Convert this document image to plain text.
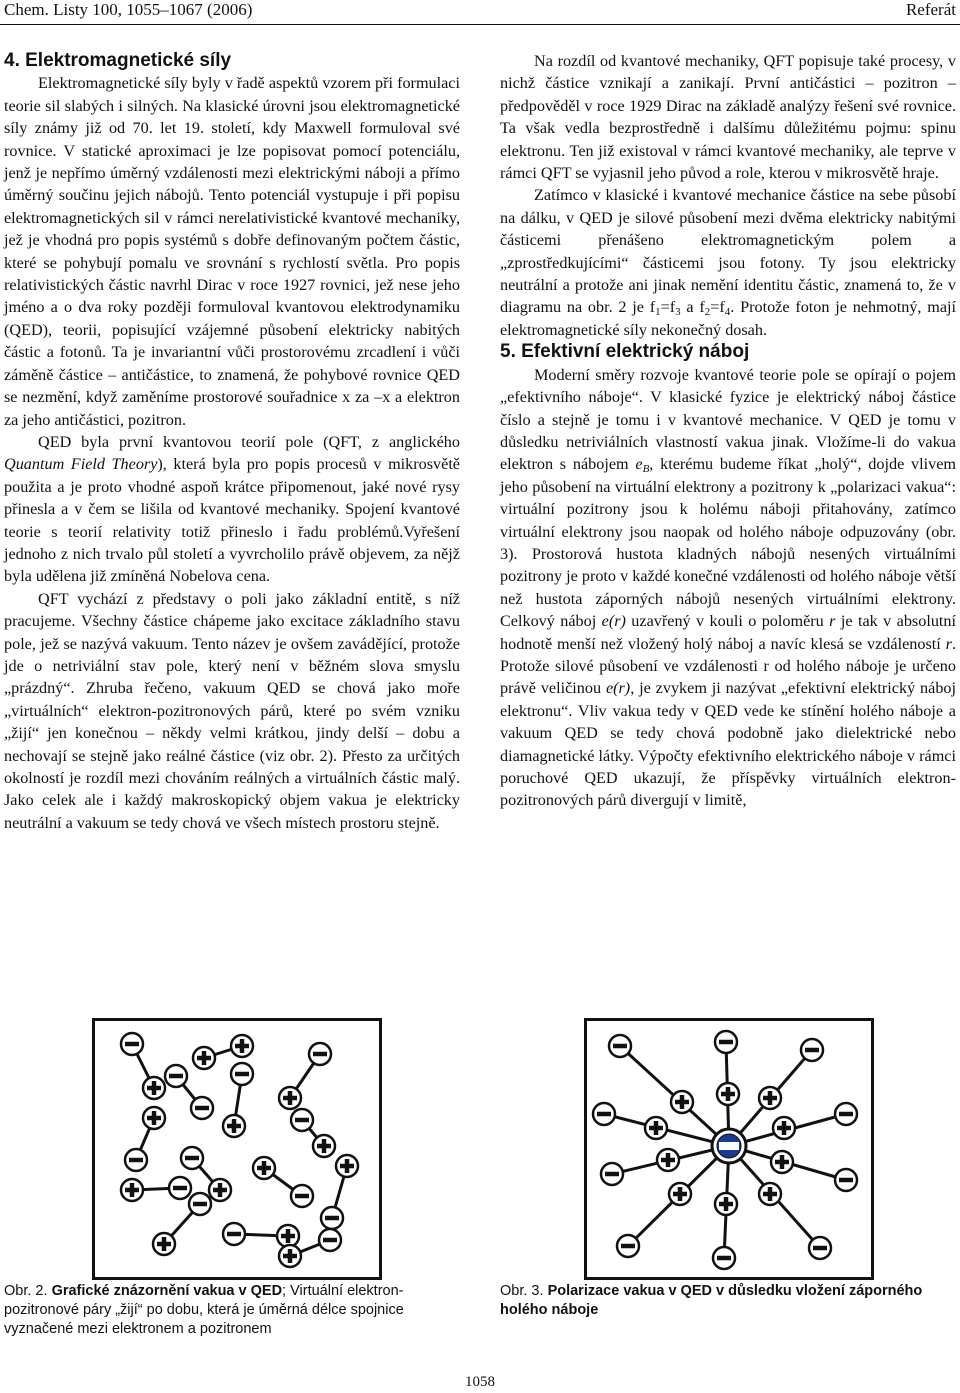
Chem. Listy 100, 1055–1067 (2006)	Referát

4. Elektromagnetické síly

Elektromagnetické síly byly v řadě aspektů vzorem při formulaci teorie sil slabých i silných. Na klasické úrovni jsou elektromagnetické síly známy již od 70. let 19. století, kdy Maxwell formuloval své rovnice. V statické aproximaci je lze popisovat pomocí potenciálu, jenž je nepřímo úměrný vzdálenosti mezi elektrickými náboji a přímo úměrný součinu jejich nábojů. Tento potenciál vystupuje i při popisu elektromagnetických sil v rámci nerelativistické kvantové mechaniky, jež je vhodná pro popis systémů s dobře definovaným počtem částic, které se pohybují pomalu ve srovnání s rychlostí světla. Pro popis relativistických částic navrhl Dirac v roce 1927 rovnici, jež nese jeho jméno a o dva roky později formuloval kvantovou elektrodynamiku (QED), teorii, popisující vzájemné působení elektricky nabitých částic a fotonů. Ta je invariantní vůči prostorovému zrcadlení i vůči záměně částice – antičástice, to znamená, že pohybové rovnice QED se nezmění, když zaměníme prostorové souřadnice x za –x a elektron za jeho antičástici, pozitron.

QED byla první kvantovou teorií pole (QFT, z anglického Quantum Field Theory), která byla pro popis procesů v mikrosvětě použita a je proto vhodné aspoň krátce připomenout, jaké nové rysy přinesla a v čem se lišila od kvantové mechaniky. Spojení kvantové teorie s teorií relativity totiž přineslo i řadu problémů.Vyřešení jednoho z nich trvalo půl století a vyvrcholilo právě objevem, za nějž byla udělena již zmíněná Nobelova cena.

QFT vychází z představy o poli jako základní entitě, s níž pracujeme. Všechny částice chápeme jako excitace základního stavu pole, jež se nazývá vakuum. Tento název je ovšem zavádějící, protože jde o netriviální stav pole, který není v běžném slova smyslu „prázdný“. Zhruba řečeno, vakuum QED se chová jako moře „virtuálních“ elektron-pozitronových párů, které po svém vzniku „žijí“ jen konečnou – někdy velmi krátkou, jindy delší – dobu a nechovají se stejně jako reálné částice (viz obr. 2). Přesto za určitých okolností je rozdíl mezi chováním reálných a virtuálních částic malý. Jako celek ale i každý makroskopický objem vakua je elektricky neutrální a vakuum se tedy chová ve všech místech prostoru stejně.

Na rozdíl od kvantové mechaniky, QFT popisuje také procesy, v nichž částice vznikají a zanikají. První antičástici – pozitron – předpověděl v roce 1929 Dirac na základě analýzy řešení své rovnice. Ta však vedla bezprostředně i dalšímu důležitému pojmu: spinu elektronu. Ten již existoval v rámci kvantové mechaniky, ale teprve v rámci QFT se vyjasnil jeho původ a role, kterou v mikrosvětě hraje.

Zatímco v klasické i kvantové mechanice částice na sebe působí na dálku, v QED je silové působení mezi dvěma elektricky nabitými částicemi přenášeno elektromagnetickým polem a „zprostředkujícími“ částicemi jsou fotony. Ty jsou elektricky neutrální a protože ani jinak nemění identitu částic, znamená to, že v diagramu na obr. 2 je $f_1=f_3$ a $f_2=f_4$. Protože foton je nehmotný, mají elektromagnetické síly nekonečný dosah.

5. Efektivní elektrický náboj

Moderní směry rozvoje kvantové teorie pole se opírají o pojem „efektivního náboje“. V klasické fyzice je elektrický náboj částice číslo a stejně je tomu i v kvantové mechanice. V QED je tomu v důsledku netriviálních vlastností vakua jinak. Vložíme-li do vakua elektron s nábojem $e_B$, kterému budeme říkat „holý“, dojde vlivem jeho působení na virtuální elektrony a pozitrony k „polarizaci vakua“: virtuální pozitrony jsou k holému náboji přitahovány, zatímco virtuální elektrony jsou naopak od holého náboje odpuzovány (obr. 3). Prostorová hustota kladných nábojů nesených virtuálními pozitrony je proto v každé konečné vzdálenosti od holého náboje větší než hustota záporných nábojů nesených virtuálními elektrony. Celkový náboj e(r) uzavřený v kouli o poloměru r je tak v absolutní hodnotě menší než vložený holý náboj a navíc klesá se vzdáleností r. Protože silové působení ve vzdálenosti r od holého náboje je určeno právě veličinou e(r), je zvykem ji nazývat „efektivní elektrický náboj elektronu“. Vliv vakua tedy v QED vede ke stínění holého náboje a vakuum QED se tedy chová podobně jako dielektrické nebo diamagnetické látky. Výpočty efektivního elektrického náboje v rámci poruchové QED ukazují, že příspěvky virtuálních elektron-pozitronových párů divergují v limitě,

Obr. 2. Grafické znázornění vakua v QED; Virtuální elektron-pozitronové páry „žijí“ po dobu, která je úměrná délce spojnice vyznačené mezi elektronem a pozitronem
Obr. 3. Polarizace vakua v QED v důsledku vložení záporného holého náboje
1058
